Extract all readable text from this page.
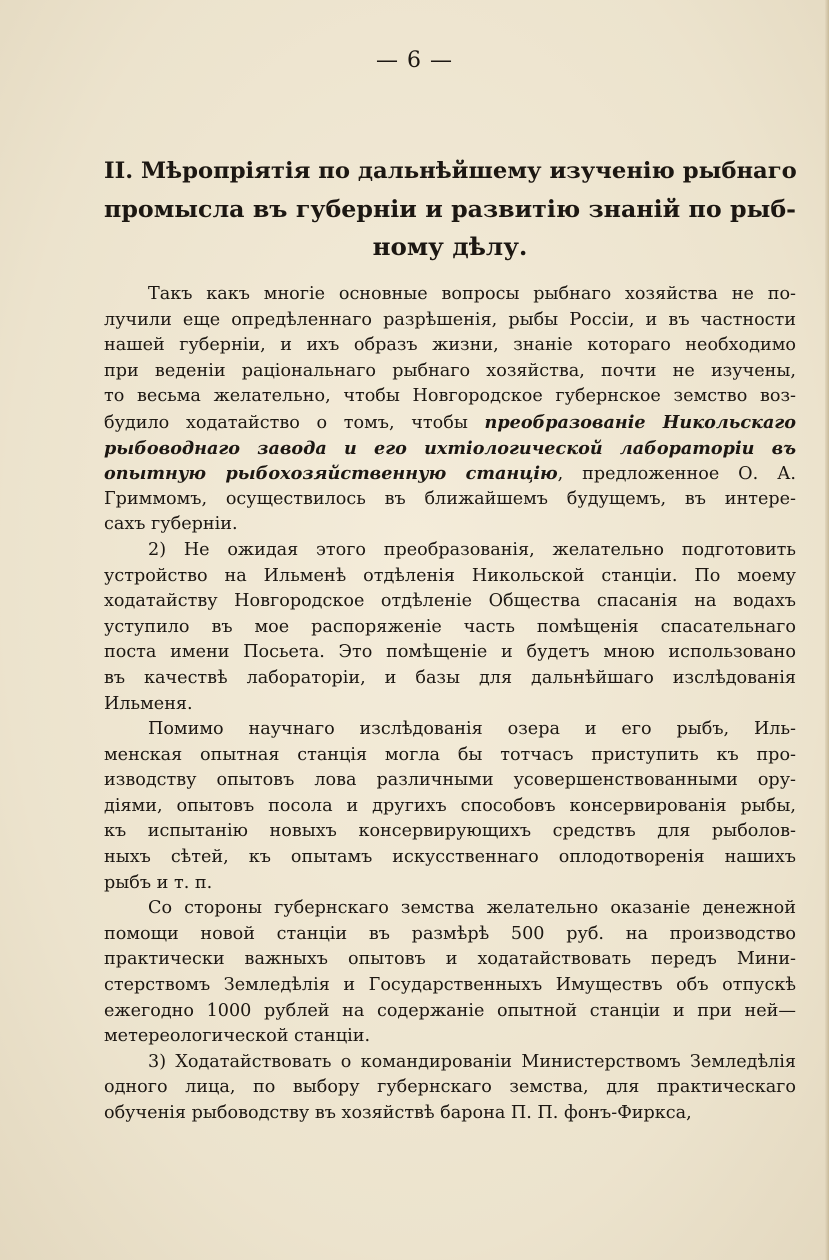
— 6 —
II. Мѣропріятія по дальнѣйшему изученію рыбнаго
промысла въ губерніи и развитію знаній по рыб-
ному дѣлу.
Такъ какъ многіе основные вопросы рыбнаго хозяйства не по-
лучили еще опредѣленнаго разрѣшенія, рыбы Россіи, и въ частности
нашей губерніи, и ихъ образъ жизни, знаніе котораго необходимо
при веденіи раціональнаго рыбнаго хозяйства, почти не изучены,
то весьма желательно, чтобы Новгородское губернское земство воз-
будило ходатайство о томъ, чтобы преобразованіе Никольскаго
рыбоводнаго завода и его ихтіологической лабораторіи въ
опытную рыбохозяйственную станцію, предложенное О. А.
Гриммомъ, осуществилось въ ближайшемъ будущемъ, въ интере-
сахъ губерніи.
2) Не ожидая этого преобразованія, желательно подготовить
устройство на Ильменѣ отдѣленія Никольской станціи. По моему
ходатайству Новгородское отдѣленіе Общества спасанія на водахъ
уступило въ мое распоряженіе часть помѣщенія спасательнаго
поста имени Посьета. Это помѣщеніе и будетъ мною использовано
въ качествѣ лабораторіи, и базы для дальнѣйшаго изслѣдованія
Ильменя.
Помимо научнаго изслѣдованія озера и его рыбъ, Иль-
менская опытная станція могла бы тотчасъ приступить къ про-
изводству опытовъ лова различными усовершенствованными ору-
діями, опытовъ посола и другихъ способовъ консервированія рыбы,
къ испытанію новыхъ консервирующихъ средствъ для рыболов-
ныхъ сѣтей, къ опытамъ искусственнаго оплодотворенія нашихъ
рыбъ и т. п.
Со стороны губернскаго земства желательно оказаніе денежной
помощи новой станціи въ размѣрѣ 500 руб. на производство
практически важныхъ опытовъ и ходатайствовать передъ Мини-
стерствомъ Земледѣлія и Государственныхъ Имуществъ объ отпускѣ
ежегодно 1000 рублей на содержаніе опытной станціи и при ней—
метереологической станціи.
3) Ходатайствовать о командированіи Министерствомъ Земледѣлія
одного лица, по выбору губернскаго земства, для практическаго
обученія рыбоводству въ хозяйствѣ барона П. П. фонъ-Фиркса,
